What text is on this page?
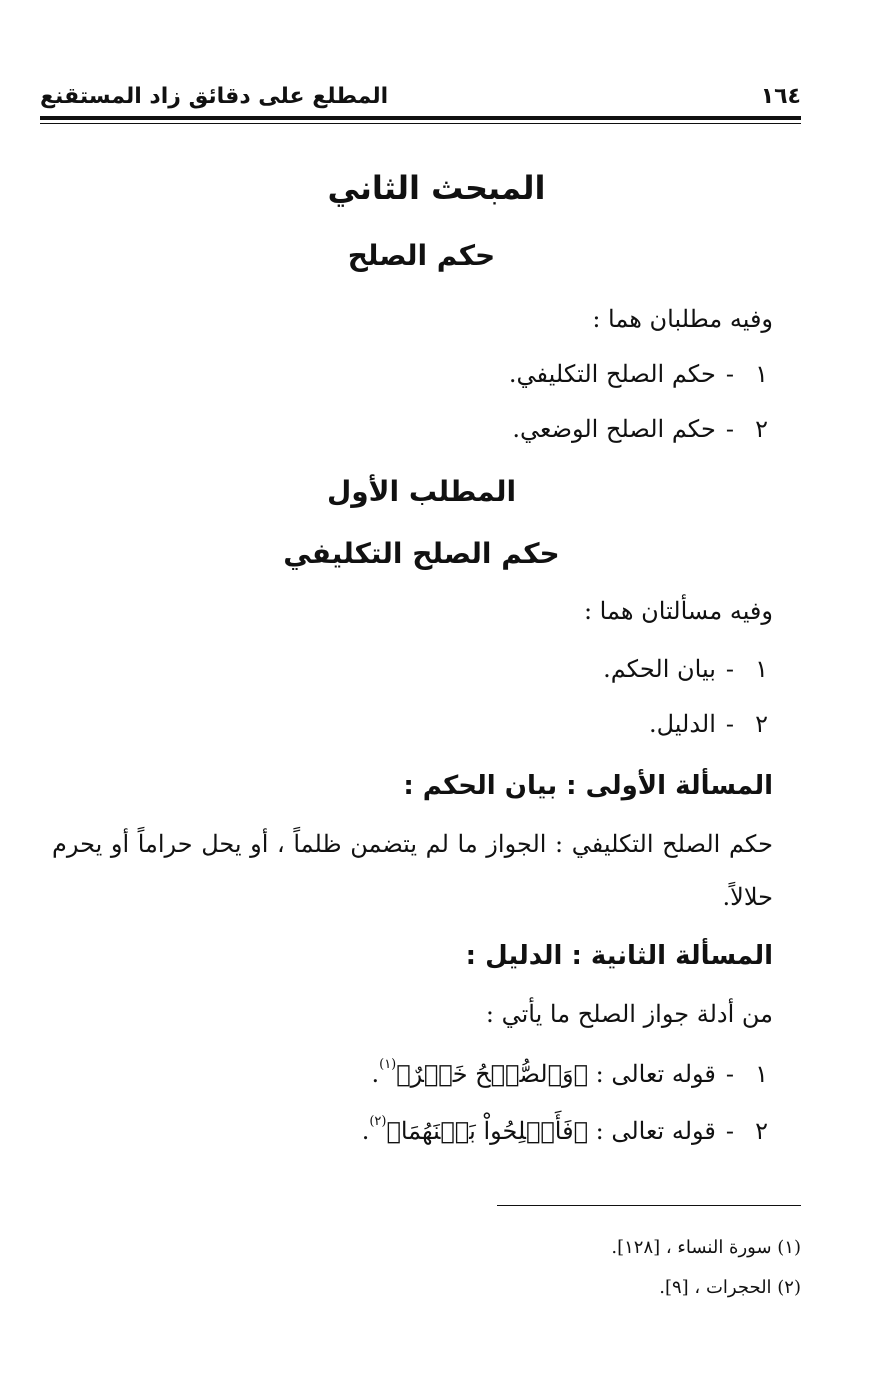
١٦٤
المطلع على دقائق زاد المستقنع
المبحث الثاني
حكم الصلح
وفيه مطلبان هما :
١
-
حكم الصلح التكليفي.
٢
-
حكم الصلح الوضعي.
المطلب الأول
حكم الصلح التكليفي
وفيه مسألتان هما :
١
-
بيان الحكم.
٢
-
الدليل.
المسألة الأولى : بيان الحكم :
حكم الصلح التكليفي : الجواز ما لم يتضمن ظلماً ، أو يحل حراماً أو يحرم حلالاً.
المسألة الثانية : الدليل :
من أدلة جواز الصلح ما يأتي :
١
-
قوله تعالى : ﴿وَٱلصُّلۡحُ خَيۡرٌ﴾
(١)
.
٢
-
قوله تعالى : ﴿فَأَصۡلِحُواْ بَيۡنَهُمَا﴾
(٢)
.
(١) سورة النساء ، [١٢٨].
(٢) الحجرات ، [٩].
